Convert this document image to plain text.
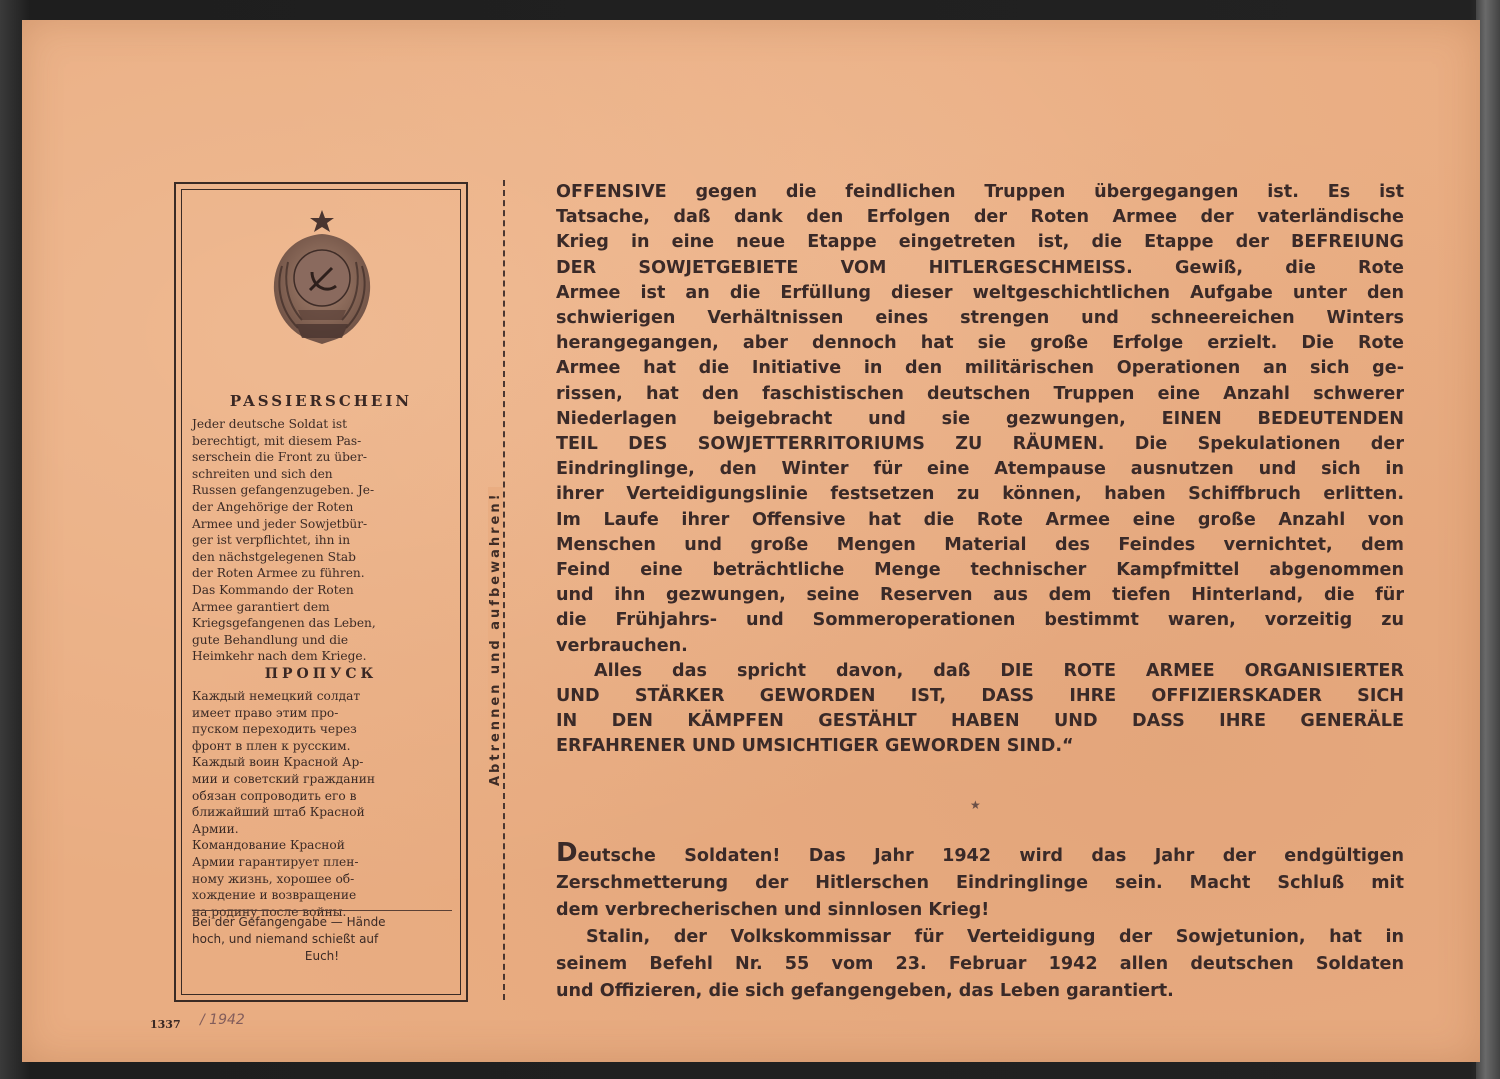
PASSIERSCHEIN
Jeder deutsche Soldat ist
berechtigt, mit diesem Pas-
serschein die Front zu über-
schreiten und sich den
Russen gefangenzugeben. Je-
der Angehörige der Roten
Armee und jeder Sowjetbür-
ger ist verpflichtet, ihn in
den nächstgelegenen Stab
der Roten Armee zu führen.
Das Kommando der Roten
Armee garantiert dem
Kriegsgefangenen das Leben,
gute Behandlung und die
Heimkehr nach dem Kriege.
ПРОПУСК
Каждый немецкий солдат
имеет право этим про-
пуском переходить через
фронт в плен к русским.
Каждый воин Красной Ар-
мии и советский гражданин
обязан сопроводить его в
ближайший штаб Красной
Армии.
Командование Красной
Армии гарантирует плен-
ному жизнь, хорошее об-
хождение и возвращение
на родину после войны.
Bei der Gefangengabe — Hände
hoch, und niemand schießt auf
Euch!
Abtrennen und aufbewahren!
OFFENSIVE gegen die feindlichen Truppen übergegangen ist. Es ist
Tatsache, daß dank den Erfolgen der Roten Armee der vaterländische
Krieg in eine neue Etappe eingetreten ist, die Etappe der BEFREIUNG
DER SOWJETGEBIETE VOM HITLERGESCHMEISS. Gewiß, die Rote
Armee ist an die Erfüllung dieser weltgeschichtlichen Aufgabe unter den
schwierigen Verhältnissen eines strengen und schneereichen Winters
herangegangen, aber dennoch hat sie große Erfolge erzielt. Die Rote
Armee hat die Initiative in den militärischen Operationen an sich ge-
rissen, hat den faschistischen deutschen Truppen eine Anzahl schwerer
Niederlagen beigebracht und sie gezwungen, EINEN BEDEUTENDEN
TEIL DES SOWJETTERRITORIUMS ZU RÄUMEN. Die Spekulationen der
Eindringlinge, den Winter für eine Atempause ausnutzen und sich in
ihrer Verteidigungslinie festsetzen zu können, haben Schiffbruch erlitten.
Im Laufe ihrer Offensive hat die Rote Armee eine große Anzahl von
Menschen und große Mengen Material des Feindes vernichtet, dem
Feind eine beträchtliche Menge technischer Kampfmittel abgenommen
und ihn gezwungen, seine Reserven aus dem tiefen Hinterland, die für
die Frühjahrs- und Sommeroperationen bestimmt waren, vorzeitig zu
verbrauchen.
Alles das spricht davon, daß DIE ROTE ARMEE ORGANISIERTER
UND STÄRKER GEWORDEN IST, DASS IHRE OFFIZIERSKADER SICH
IN DEN KÄMPFEN GESTÄHLT HABEN UND DASS IHRE GENERÄLE
ERFAHRENER UND UMSICHTIGER GEWORDEN SIND.“
★
Deutsche Soldaten! Das Jahr 1942 wird das Jahr der endgültigen
Zerschmetterung der Hitlerschen Eindringlinge sein. Macht Schluß mit
dem verbrecherischen und sinnlosen Krieg!
Stalin, der Volkskommissar für Verteidigung der Sowjetunion, hat in
seinem Befehl Nr. 55 vom 23. Februar 1942 allen deutschen Soldaten
und Offizieren, die sich gefangengeben, das Leben garantiert.
1337 / 1942
